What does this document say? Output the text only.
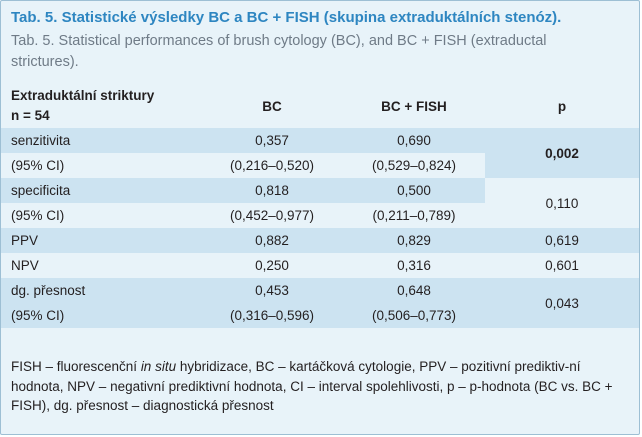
Tab. 5. Statistické výsledky BC a BC + FISH (skupina extraduktálních stenóz).
Tab. 5. Statistical performances of brush cytology (BC), and BC + FISH (extraductal strictures).
Extraduktální striktury
n = 54	BC	BC + FISH	p
senzitivita	0,357	0,690	0,002
(95% CI)	(0,216–0,520)	(0,529–0,824)	
specificita	0,818	0,500	0,110
(95% CI)	(0,452–0,977)	(0,211–0,789)	
PPV	0,882	0,829	0,619
NPV	0,250	0,316	0,601
dg. přesnost	0,453	0,648	0,043
(95% CI)	(0,316–0,596)	(0,506–0,773)	
FISH – fluorescenční in situ hybridizace, BC – kartáčková cytologie, PPV – pozitivní prediktiv-ní hodnota, NPV – negativní prediktivní hodnota, CI – interval spolehlivosti, p – p-hodnota (BC vs. BC + FISH), dg. přesnost – diagnostická přesnost
